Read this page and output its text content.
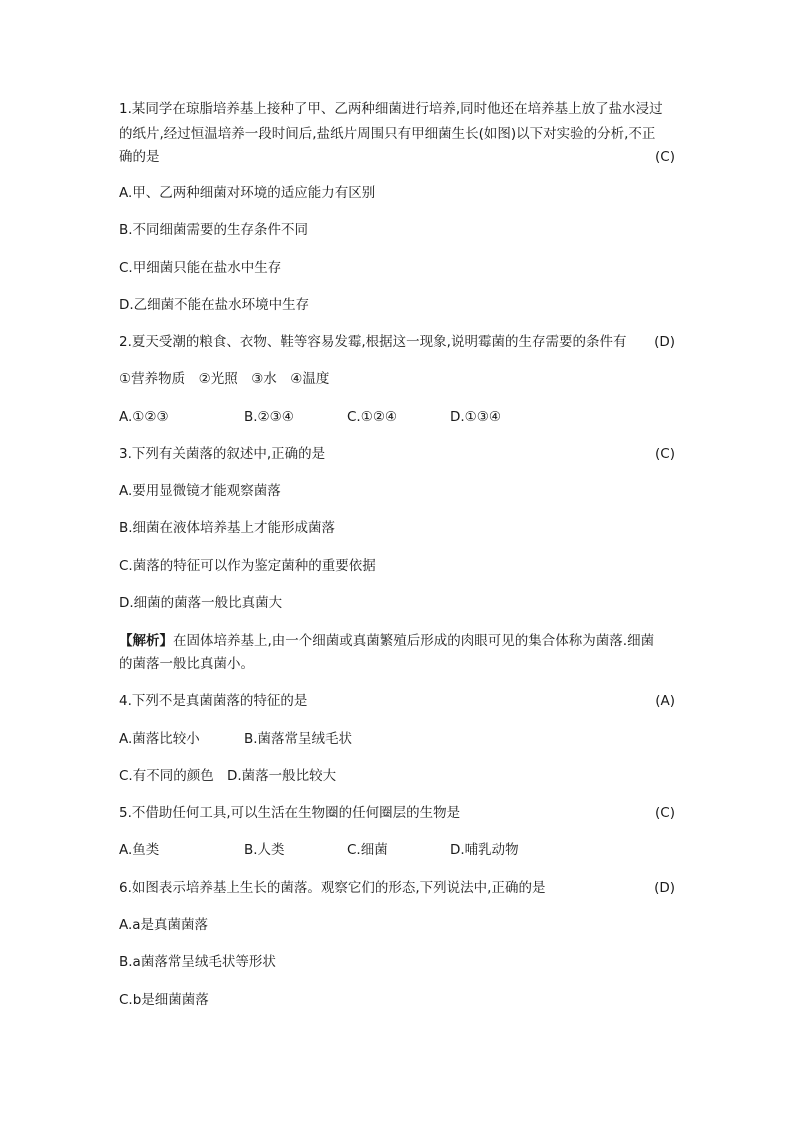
1.某同学在琼脂培养基上接种了甲、乙两种细菌进行培养,同时他还在培养基上放了盐水浸过
的纸片,经过恒温培养一段时间后,盐纸片周围只有甲细菌生长(如图)以下对实验的分析,不正
确的是	(C)
A.甲、乙两种细菌对环境的适应能力有区别
B.不同细菌需要的生存条件不同
C.甲细菌只能在盐水中生存
D.乙细菌不能在盐水环境中生存
2.夏天受潮的粮食、衣物、鞋等容易发霉,根据这一现象,说明霉菌的生存需要的条件有 (D)
①营养物质　②光照　③水　④温度
A.①②③	B.②③④	C.①②④	D.①③④
3.下列有关菌落的叙述中,正确的是	(C)
A.要用显微镜才能观察菌落
B.细菌在液体培养基上才能形成菌落
C.菌落的特征可以作为鉴定菌种的重要依据
D.细菌的菌落一般比真菌大
【解析】在固体培养基上,由一个细菌或真菌繁殖后形成的肉眼可见的集合体称为菌落.细菌
的菌落一般比真菌小。
4.下列不是真菌菌落的特征的是	(A)
A.菌落比较小	B.菌落常呈绒毛状
C.有不同的颜色 D.菌落一般比较大
5.不借助任何工具,可以生活在生物圈的任何圈层的生物是	(C)
A.鱼类	B.人类	C.细菌	D.哺乳动物
6.如图表示培养基上生长的菌落。观察它们的形态,下列说法中,正确的是	(D)
A.a是真菌菌落
B.a菌落常呈绒毛状等形状
C.b是细菌菌落
